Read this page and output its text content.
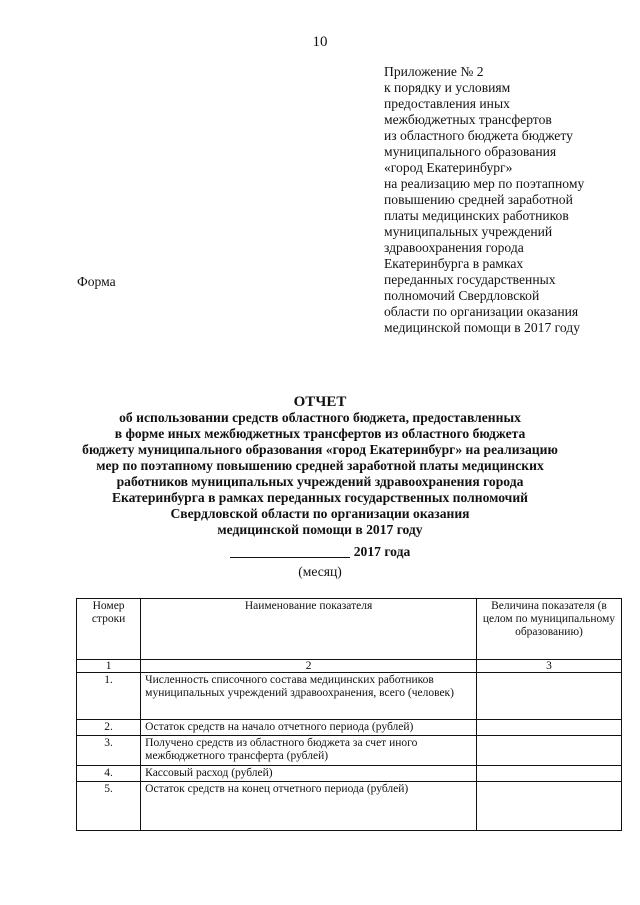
10
Приложение № 2
к порядку и условиям
предоставления иных
межбюджетных трансфертов
из областного бюджета бюджету
муниципального образования
«город Екатеринбург»
на реализацию мер по поэтапному
повышению средней заработной
платы медицинских работников
муниципальных учреждений
здравоохранения города
Екатеринбурга в рамках
переданных государственных
полномочий Свердловской
области по организации оказания
медицинской помощи в 2017 году
Форма
ОТЧЕТ
об использовании средств областного бюджета, предоставленных
в форме иных межбюджетных трансфертов из областного бюджета
бюджету муниципального образования «город Екатеринбург» на реализацию
мер по поэтапному повышению средней заработной платы медицинских
работников муниципальных учреждений здравоохранения города
Екатеринбурга в рамках переданных государственных полномочий
Свердловской области по организации оказания
медицинской помощи в 2017 году
2017 года
(месяц)
Номер строки	Наименование показателя	Величина показателя (в целом по муниципальному образованию)
1	2	3
1.	Численность списочного состава медицинских работников муниципальных учреждений здравоохранения, всего (человек)	
2.	Остаток средств на начало отчетного периода (рублей)	
3.	Получено средств из областного бюджета за счет иного межбюджетного трансферта (рублей)	
4.	Кассовый расход (рублей)	
5.	Остаток средств на конец отчетного периода (рублей)	
